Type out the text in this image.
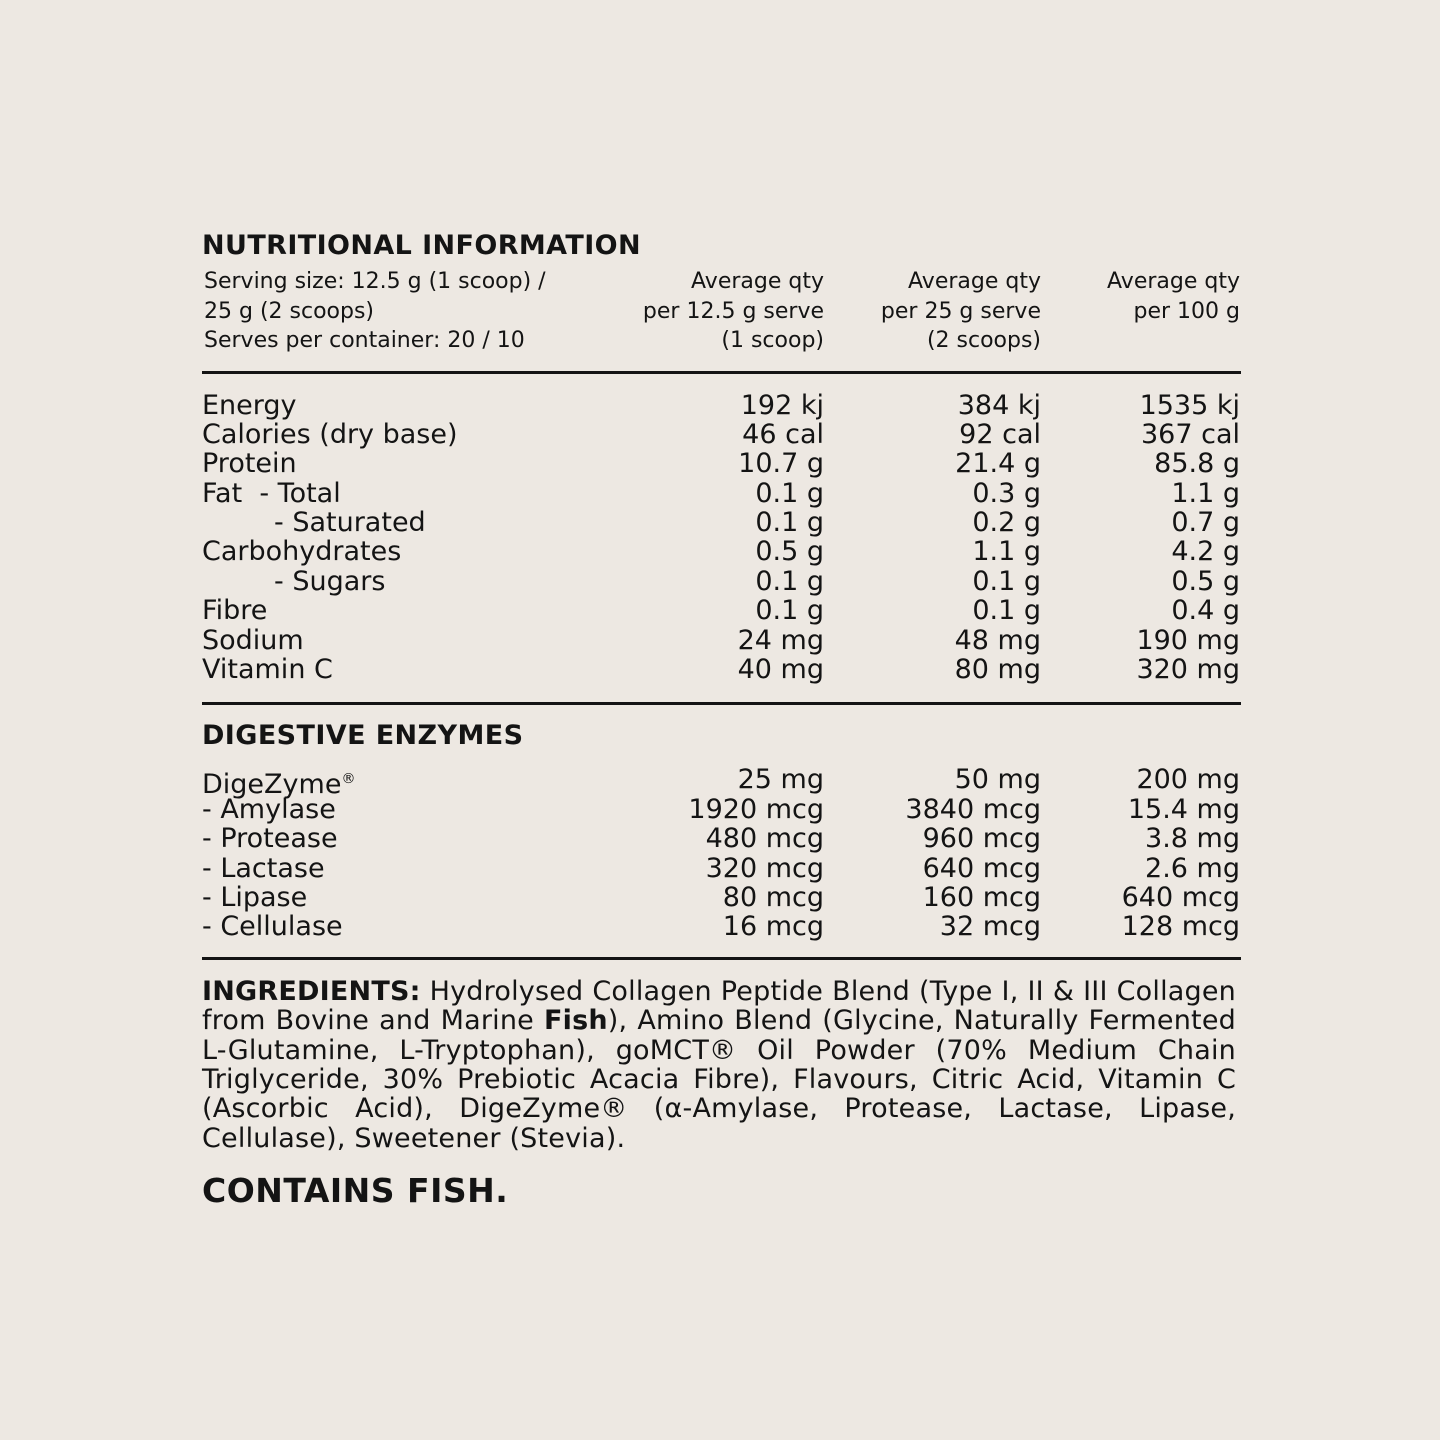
NUTRITIONAL INFORMATION
Serving size: 12.5 g (1 scoop) /
25 g (2 scoops)
Serves per container: 20 / 10
Average qty
per 12.5 g serve
(1 scoop)
Average qty
per 25 g serve
(2 scoops)
Average qty
per 100 g
Energy	192 kj	384 kj	1535 kj
Calories (dry base)	46 cal	92 cal	367 cal
Protein	10.7 g	21.4 g	85.8 g
Fat  - Total	0.1 g	0.3 g	1.1 g
- Saturated	0.1 g	0.2 g	0.7 g
Carbohydrates	0.5 g	1.1 g	4.2 g
- Sugars	0.1 g	0.1 g	0.5 g
Fibre	0.1 g	0.1 g	0.4 g
Sodium	24 mg	48 mg	190 mg
Vitamin C	40 mg	80 mg	320 mg
DIGESTIVE ENZYMES
DigeZyme®	25 mg	50 mg	200 mg
- Amylase	1920 mcg	3840 mcg	15.4 mg
- Protease	480 mcg	960 mcg	3.8 mg
- Lactase	320 mcg	640 mcg	2.6 mg
- Lipase	80 mcg	160 mcg	640 mcg
- Cellulase	16 mcg	32 mcg	128 mcg
INGREDIENTS: Hydrolysed Collagen Peptide Blend (Type I, II & III Collagen from Bovine and Marine Fish), Amino Blend (Glycine, Naturally Fermented L-Glutamine, L-Tryptophan), goMCT® Oil Powder (70% Medium Chain Triglyceride, 30% Prebiotic Acacia Fibre), Flavours, Citric Acid, Vitamin C (Ascorbic Acid), DigeZyme® (α-Amylase, Protease, Lactase, Lipase, Cellulase), Sweetener (Stevia).
CONTAINS FISH.
